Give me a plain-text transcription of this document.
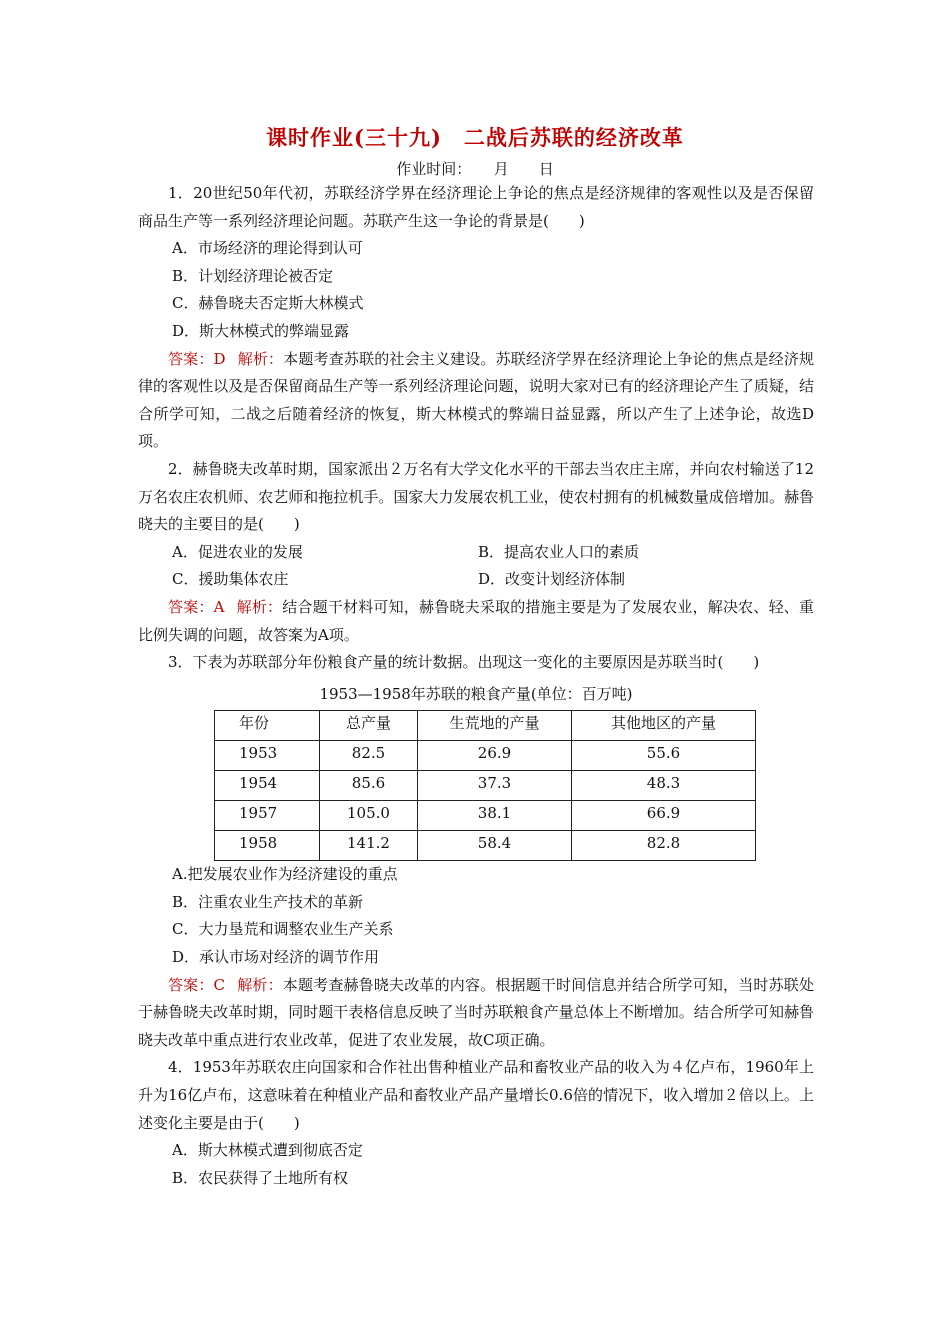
课时作业(三十九)　二战后苏联的经济改革
作业时间：　　月　　日

1．20世纪50年代初，苏联经济学界在经济理论上争论的焦点是经济规律的客观性以及是否保留商品生产等一系列经济理论问题。苏联产生这一争论的背景是(　　)

A．市场经济的理论得到认可

B．计划经济理论被否定

C．赫鲁晓夫否定斯大林模式

D．斯大林模式的弊端显露

答案：D 解析：本题考查苏联的社会主义建设。苏联经济学界在经济理论上争论的焦点是经济规律的客观性以及是否保留商品生产等一系列经济理论问题，说明大家对已有的经济理论产生了质疑，结合所学可知，二战之后随着经济的恢复，斯大林模式的弊端日益显露，所以产生了上述争论，故选D项。

2．赫鲁晓夫改革时期，国家派出２万名有大学文化水平的干部去当农庄主席，并向农村输送了12万名农庄农机师、农艺师和拖拉机手。国家大力发展农机工业，使农村拥有的机械数量成倍增加。赫鲁晓夫的主要目的是(　　)

A．促进农业的发展	B．提高农业人口的素质
C．援助集体农庄	D．改变计划经济体制

答案：A 解析：结合题干材料可知，赫鲁晓夫采取的措施主要是为了发展农业，解决农、轻、重比例失调的问题，故答案为A项。

3．下表为苏联部分年份粮食产量的统计数据。出现这一变化的主要原因是苏联当时(　　)

1953—1958年苏联的粮食产量(单位：百万吨)

年份	总产量	生荒地的产量	其他地区的产量
1953	82.5	26.9	55.6
1954	85.6	37.3	48.3
1957	105.0	38.1	66.9
1958	141.2	58.4	82.8

A.把发展农业作为经济建设的重点

B．注重农业生产技术的革新

C．大力垦荒和调整农业生产关系

D．承认市场对经济的调节作用

答案：C 解析：本题考查赫鲁晓夫改革的内容。根据题干时间信息并结合所学可知，当时苏联处于赫鲁晓夫改革时期，同时题干表格信息反映了当时苏联粮食产量总体上不断增加。结合所学可知赫鲁晓夫改革中重点进行农业改革，促进了农业发展，故C项正确。

4．1953年苏联农庄向国家和合作社出售种植业产品和畜牧业产品的收入为４亿卢布，1960年上升为16亿卢布，这意味着在种植业产品和畜牧业产品产量增长0.6倍的情况下，收入增加２倍以上。上述变化主要是由于(　　)

A．斯大林模式遭到彻底否定

B．农民获得了土地所有权
